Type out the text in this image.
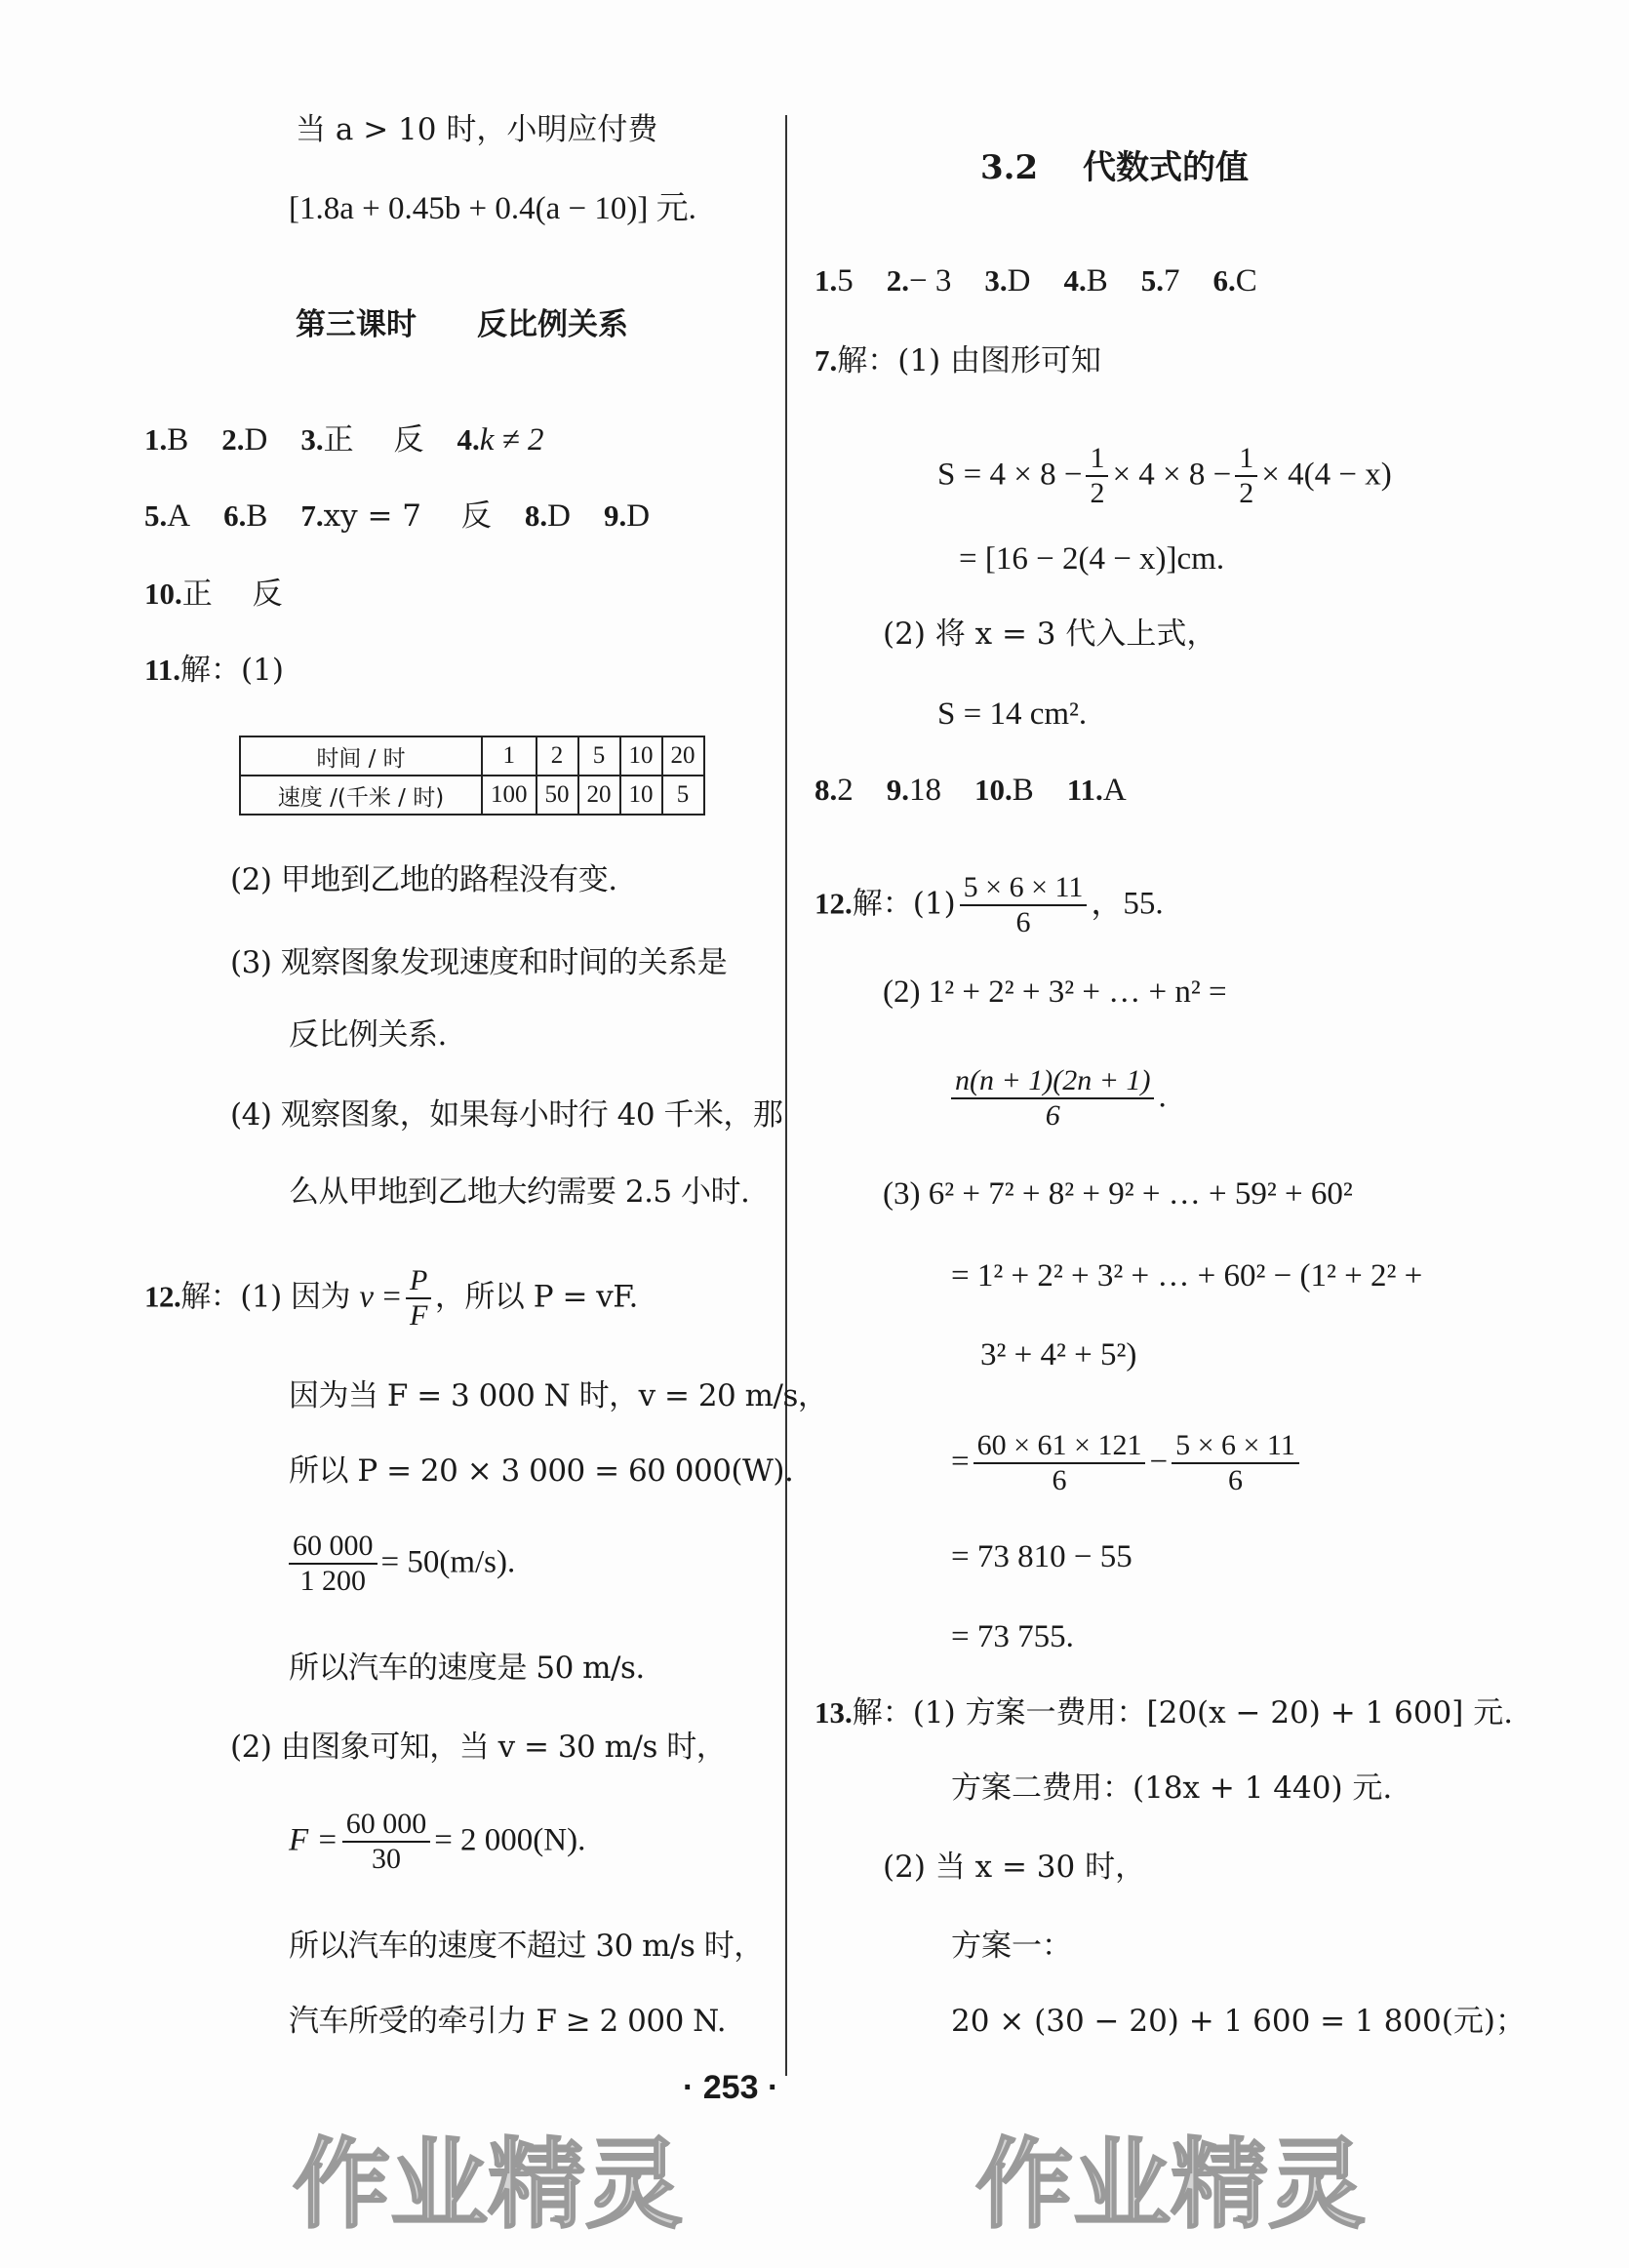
当 a > 10 时，小明应付费
[1.8a + 0.45b + 0.4(a − 10)] 元.
第三课时　　反比例关系
1.B 2.D 3.正　 反 4.k ≠ 2
5.A 6.B 7.xy = 7　 反 8.D 9.D
10.正　 反
11.解：(1)
时间 / 时	1	2	5	10	20
速度 /(千米 / 时)	100	50	20	10	5
(2) 甲地到乙地的路程没有变.
(3) 观察图象发现速度和时间的关系是
反比例关系.
(4) 观察图象，如果每小时行 40 千米，那
么从甲地到乙地大约需要 2.5 小时.
12.解：(1) 因为 $v = \frac{P}{F}$ ，所以 P = vF.
因为当 F = 3 000 N 时，v = 20 m/s，
所以 P = 20 × 3 000 = 60 000(W).
$\frac{60 000}{1 200} = 50(m/s)$.
所以汽车的速度是 50 m/s.
(2) 由图象可知，当 v = 30 m/s 时，
$F = \frac{60 000}{30} = 2$ 000(N).
所以汽车的速度不超过 30 m/s 时，
汽车所受的牵引力 F ≥ 2 000 N.
3.2　 代数式的值
1.5 2.− 3 3.D 4.B 5.7 6.C
7.解：(1) 由图形可知
$S = 4 \times 8 - \frac{1}{2} \times 4 \times 8 - \frac{1}{2} \times 4(4 - x)$
= [16 − 2(4 − x)]cm.
(2) 将 x = 3 代入上式，
S = 14 cm².
8.2 9.18 10.B 11.A
12.解：$(1) \frac{5 \times 6 \times 11}{6}$ ，55.
(2) 1² + 2² + 3² + … + n² =
$\frac{n(n + 1)(2n + 1)}{6}$ .
(3) 6² + 7² + 8² + 9² + … + 59² + 60²
= 1² + 2² + 3² + … + 60² − (1² + 2² +
3² + 4² + 5²)
= $\frac{60 \times 61 \times 121}{6} - \frac{5 \times 6 \times 11}{6}$
= 73 810 − 55
= 73 755.
13.解：(1) 方案一费用：[20(x − 20) + 1 600] 元.
方案二费用：(18x + 1 440) 元.
(2) 当 x = 30 时，
方案一：
20 × (30 − 20) + 1 600 = 1 800(元)；
· 253 ·
作业精灵	作业精灵
